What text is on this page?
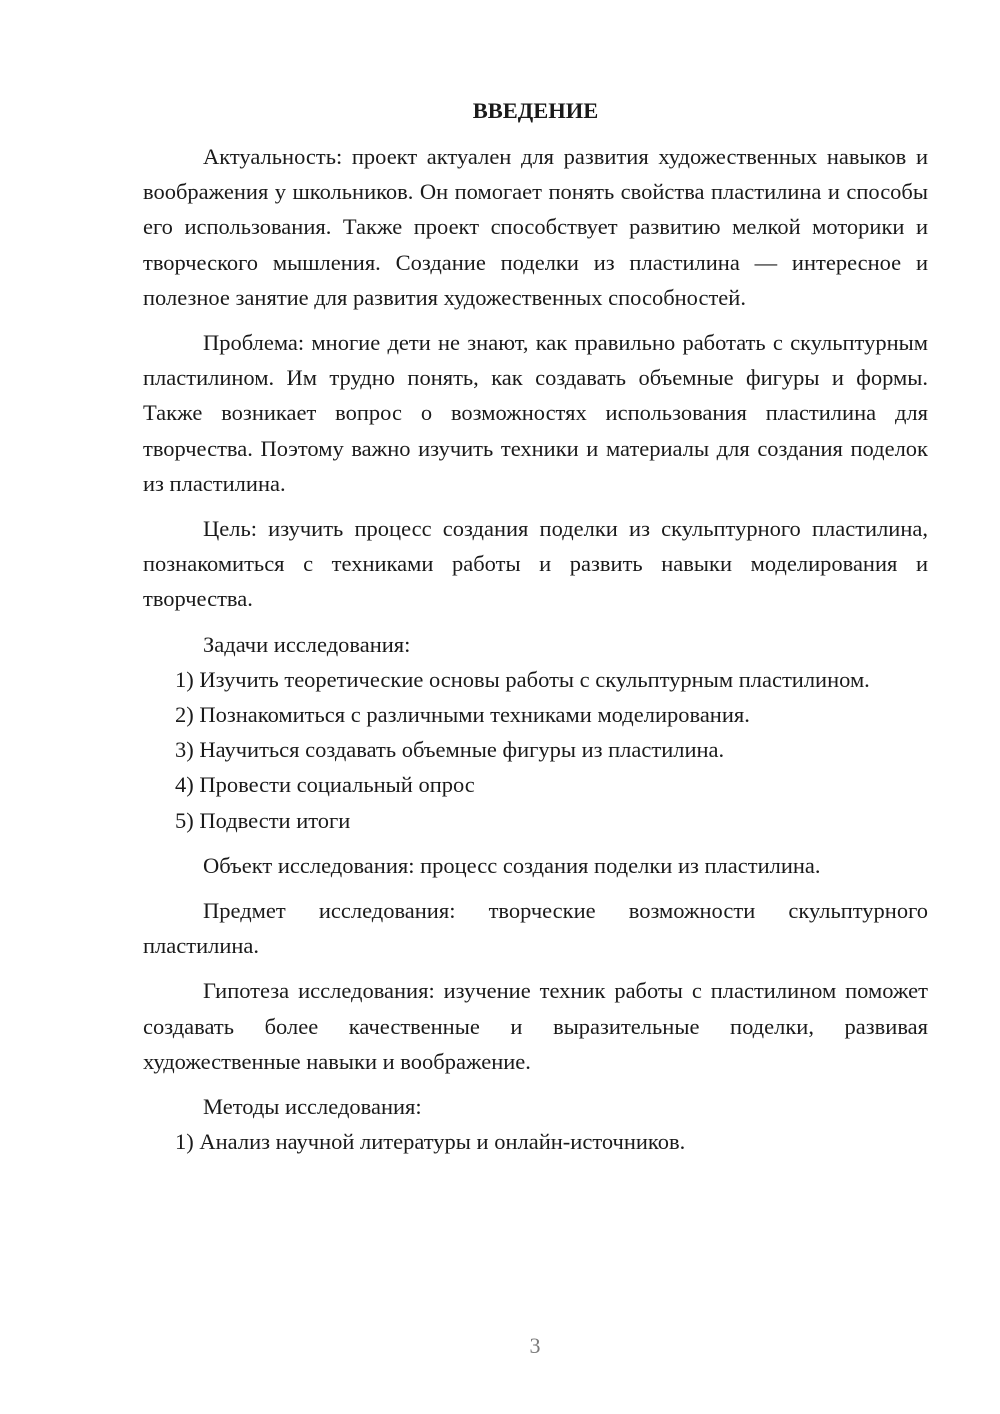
ВВЕДЕНИЕ

Актуальность: проект актуален для развития художественных навыков и воображения у школьников. Он помогает понять свойства пластилина и способы его использования. Также проект способствует развитию мелкой моторики и творческого мышления. Создание поделки из пластилина — интересное и полезное занятие для развития художественных способностей.

Проблема: многие дети не знают, как правильно работать с скульптурным пластилином. Им трудно понять, как создавать объемные фигуры и формы. Также возникает вопрос о возможностях использования пластилина для творчества. Поэтому важно изучить техники и материалы для создания поделок из пластилина.

Цель: изучить процесс создания поделки из скульптурного пластилина, познакомиться с техниками работы и развить навыки моделирования и творчества.

Задачи исследования:

1) Изучить теоретические основы работы с скульптурным пластилином.

2) Познакомиться с различными техниками моделирования.

3) Научиться создавать объемные фигуры из пластилина.

4) Провести социальный опрос

5) Подвести итоги

Объект исследования: процесс создания поделки из пластилина.

Предмет исследования: творческие возможности скульптурного пластилина.

Гипотеза исследования: изучение техник работы с пластилином поможет создавать более качественные и выразительные поделки, развивая художественные навыки и воображение.

Методы исследования:

1) Анализ научной литературы и онлайн-источников.

3
